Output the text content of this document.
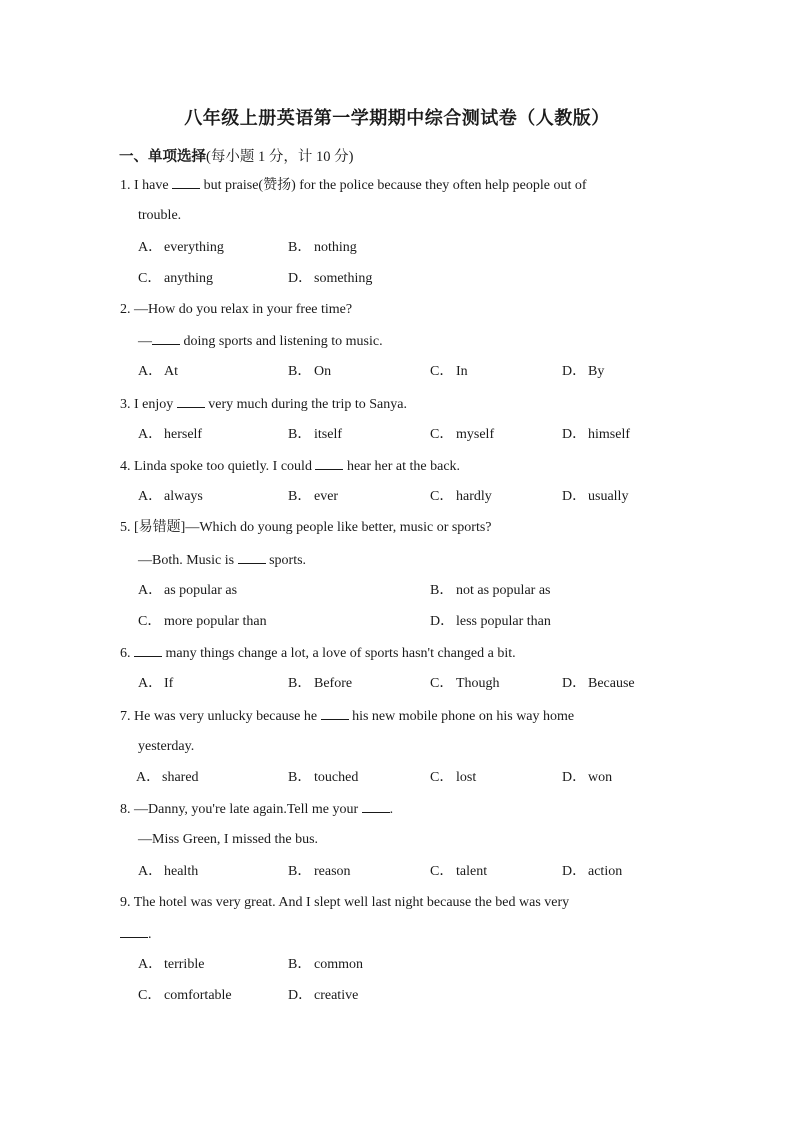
八年级上册英语第一学期期中综合测试卷（人教版）
一、单项选择(每小题 1 分，计 10 分)
1. I have  but praise(赞扬) for the police because they often help people out of
trouble.
A． everything	B． nothing
C． anything	D． something
2. —How do you relax in your free time?
— doing sports and listening to music.
A． At	B． On	C． In	D． By
3. I enjoy  very much during the trip to Sanya.
A． herself	B． itself	C． myself	D． himself
4. Linda spoke too quietly. I could  hear her at the back.
A． always	B． ever	C． hardly	D． usually
5. [易错题]—Which do young people like better, music or sports?
—Both. Music is  sports.
A． as popular as	B． not as popular as
C． more popular than	D． less popular than
6.  many things change a lot, a love of sports hasn't changed a bit.
A． If	B． Before	C． Though	D． Because
7. He was very unlucky because he  his new mobile phone on his way home
yesterday.
A． shared	B． touched	C． lost	D． won
8. —Danny, you're late again.Tell me your .
—Miss Green, I missed the bus.
A． health	B． reason	C． talent	D． action
9. The hotel was very great. And I slept well last night because the bed was very
.
A． terrible	B． common
C． comfortable	D． creative
